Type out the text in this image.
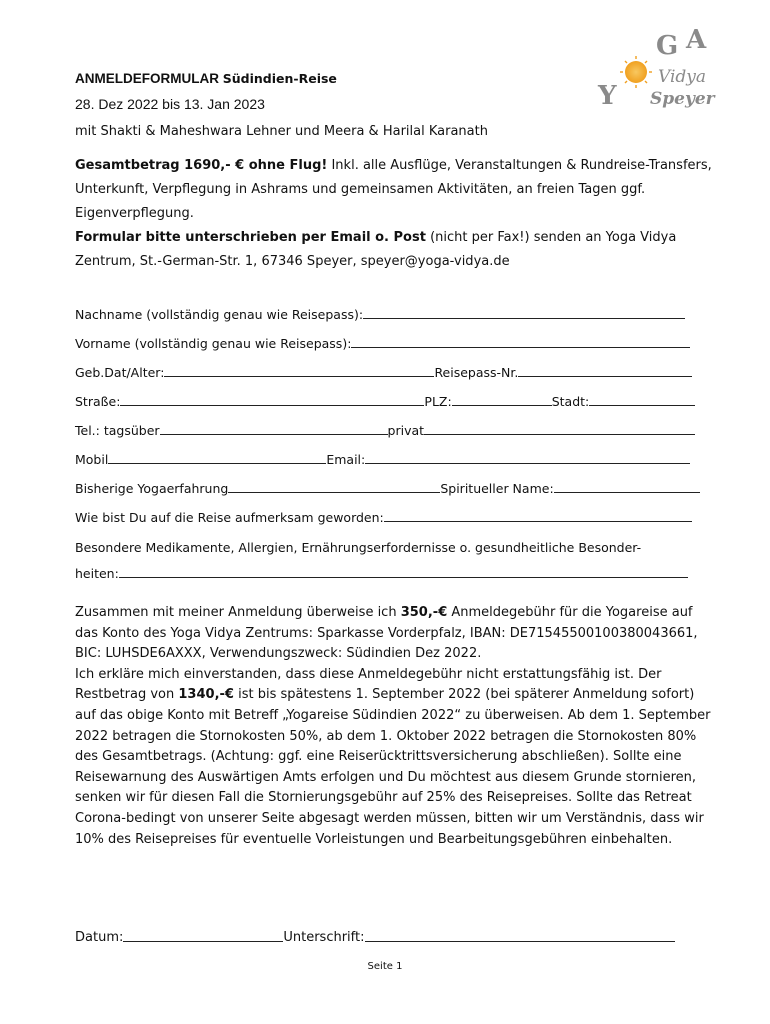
G A
Y
Vidya
Speyer
ANMELDEFORMULAR Südindien-Reise
28. Dez 2022 bis 13. Jan 2023
mit Shakti & Maheshwara Lehner und Meera & Harilal Karanath
Gesamtbetrag 1690,- € ohne Flug! Inkl. alle Ausflüge, Veranstaltungen & Rundreise-Transfers, Unterkunft, Verpflegung in Ashrams und gemeinsamen Aktivitäten, an freien Tagen ggf. Eigenverpflegung.
Formular bitte unterschrieben per Email o. Post (nicht per Fax!) senden an Yoga Vidya Zentrum, St.-German-Str. 1, 67346 Speyer, speyer@yoga-vidya.de
Nachname (vollständig genau wie Reisepass):
Vorname (vollständig genau wie Reisepass):
Geb.Dat/Alter:	Reisepass-Nr.
Straße:	PLZ:	Stadt:
Tel.: tagsüber	privat
Mobil	Email:
Bisherige Yogaerfahrung	Spiritueller Name:
Wie bist Du auf die Reise aufmerksam geworden:
Besondere Medikamente, Allergien, Ernährungserfordernisse o. gesundheitliche Besonder-
heiten:

Zusammen mit meiner Anmeldung überweise ich 350,-€ Anmeldegebühr für die Yogareise auf das Konto des Yoga Vidya Zentrums: Sparkasse Vorderpfalz, IBAN: DE71545500100380043661, BIC: LUHSDE6AXXX, Verwendungszweck: Südindien Dez 2022.

Ich erkläre mich einverstanden, dass diese Anmeldegebühr nicht erstattungsfähig ist. Der Restbetrag von 1340,-€ ist bis spätestens 1. September 2022 (bei späterer Anmeldung sofort) auf das obige Konto mit Betreff „Yogareise Südindien 2022“ zu überweisen. Ab dem 1. September 2022 betragen die Stornokosten 50%, ab dem 1. Oktober 2022 betragen die Stornokosten 80% des Gesamtbetrags. (Achtung: ggf. eine Reiserücktrittsversicherung abschließen). Sollte eine Reisewarnung des Auswärtigen Amts erfolgen und Du möchtest aus diesem Grunde stornieren, senken wir für diesen Fall die Stornierungsgebühr auf 25% des Reisepreises. Sollte das Retreat Corona-bedingt von unserer Seite abgesagt werden müssen, bitten wir um Verständnis, dass wir 10% des Reisepreises für eventuelle Vorleistungen und Bearbeitungsgebühren einbehalten.

Datum:	Unterschrift:
Seite 1
